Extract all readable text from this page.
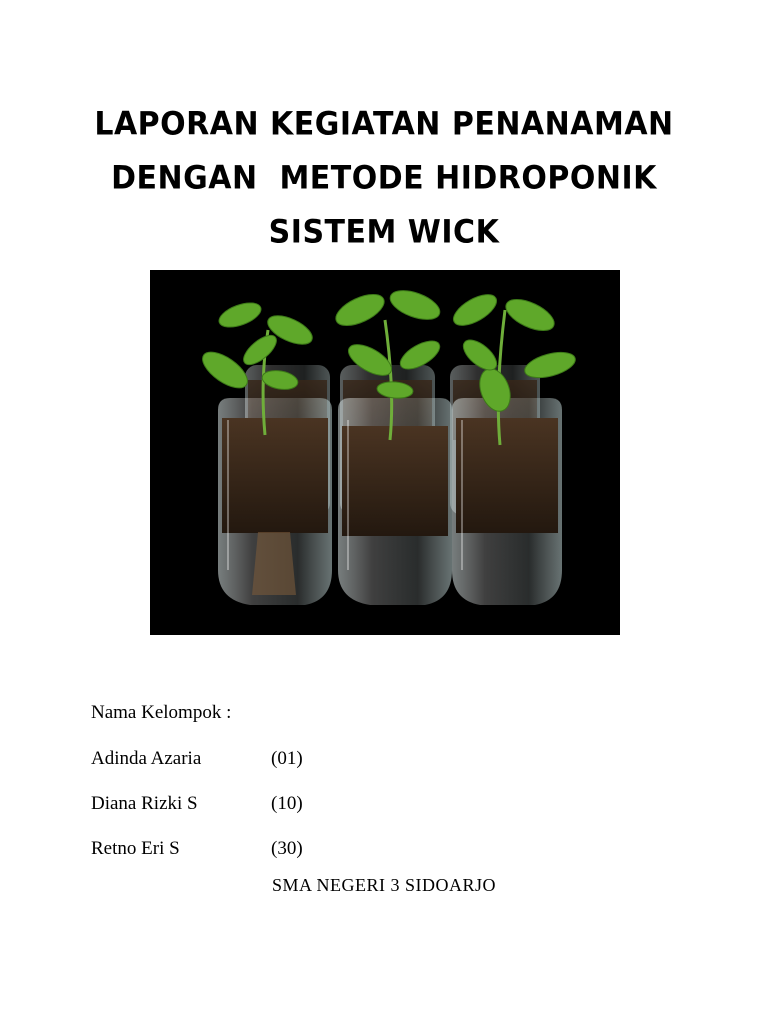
LAPORAN KEGIATAN PENANAMAN
DENGAN  METODE HIDROPONIK
SISTEM WICK
Nama Kelompok :
Adinda Azaria	(01)
Diana Rizki S	(10)
Retno Eri S	(30)
SMA NEGERI 3 SIDOARJO
